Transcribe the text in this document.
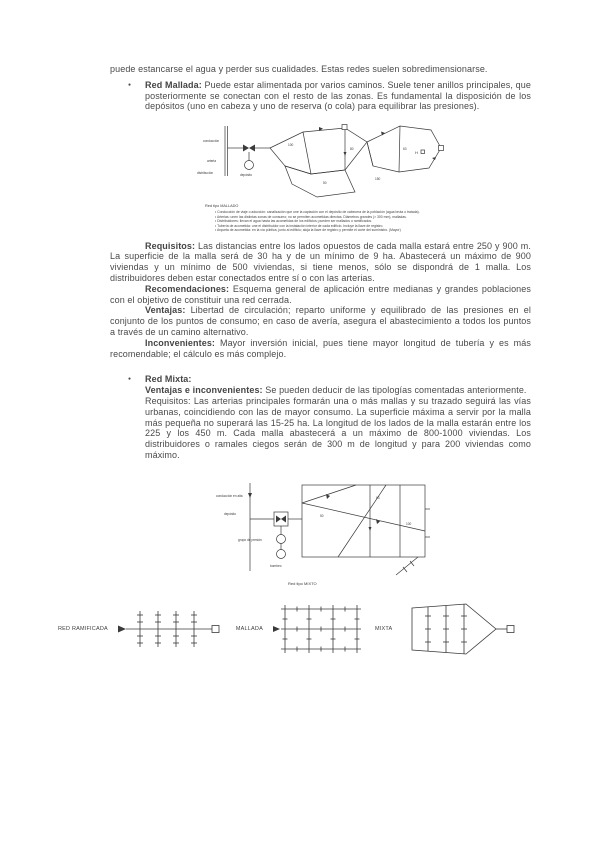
puede estancarse el agua y perder sus cualidades. Estas redes suelen sobredimensionarse.

●	Red Mallada: Puede estar alimentada por varios caminos. Suele tener anillos principales, que posteriormente se conectan con el resto de las zonas. Es fundamental la disposición de los depósitos (uno en cabeza y uno de reserva (o cola) para equilibrar las presiones).
conducción
arteria
distribución	depósito
100
80	63
50
150
H
Red tipo MALLADO
• Conducción de viaje o aducción: canalización que une la captación con el depósito de cabecera de la población (agua bruta o tratada).
• Arterias: unen las distintas zonas de consumo; no se permiten acometidas directas. Diámetros grandes (> 300 mm), malladas.
• Distribuidores: llevan el agua hasta las acometidas de los edificios; pueden ser mallados o ramificados.
• Tubería de acometida: une el distribuidor con la instalación interior de cada edificio. Incluye la llave de registro.
• Arqueta de acometida: en la vía pública, junto al edificio; aloja la llave de registro y permite el corte del suministro. (Mayor)

Requisitos: Las distancias entre los lados opuestos de cada malla estará entre 250 y 900 m. La superficie de la malla será de 30 ha y de un mínimo de 9 ha. Abastecerá un máximo de 900 viviendas y un mínimo de 500 viviendas, si tiene menos, sólo se dispondrá de 1 malla. Los distribuidores deben estar conectados entre sí o con las arterias.

Recomendaciones: Esquema general de aplicación entre medianas y grandes poblaciones con el objetivo de constituir una red cerrada.

Ventajas: Libertad de circulación; reparto uniforme y equilibrado de las presiones en el conjunto de los puntos de consumo; en caso de avería, asegura el abastecimiento a todos los puntos a través de un camino alternativo.

Inconvenientes: Mayor inversión inicial, pues tiene mayor longitud de tubería y es más recomendable; el cálculo es más complejo.

●	Red Mixta:
Ventajas e inconvenientes: Se pueden deducir de las tipologías comentadas anteriormente.
Requisitos: Las arterias principales formarán una o más mallas y su trazado seguirá las vías urbanas, coincidiendo con las de mayor consumo. La superficie máxima a servir por la malla más pequeña no superará las 15-25 ha. La longitud de los lados de la malla estarán entre los 225 y los 450 m. Cada malla abastecerá a un máximo de 800-1000 viviendas. Los distribuidores o ramales ciegos serán de 300 m de longitud y para 200 viviendas como máximo.
conducción en alta
depósito
grupo de presión
bombeo
50
63
100
Red tipo MIXTO
RED RAMIFICADA	MALLADA	MIXTA
